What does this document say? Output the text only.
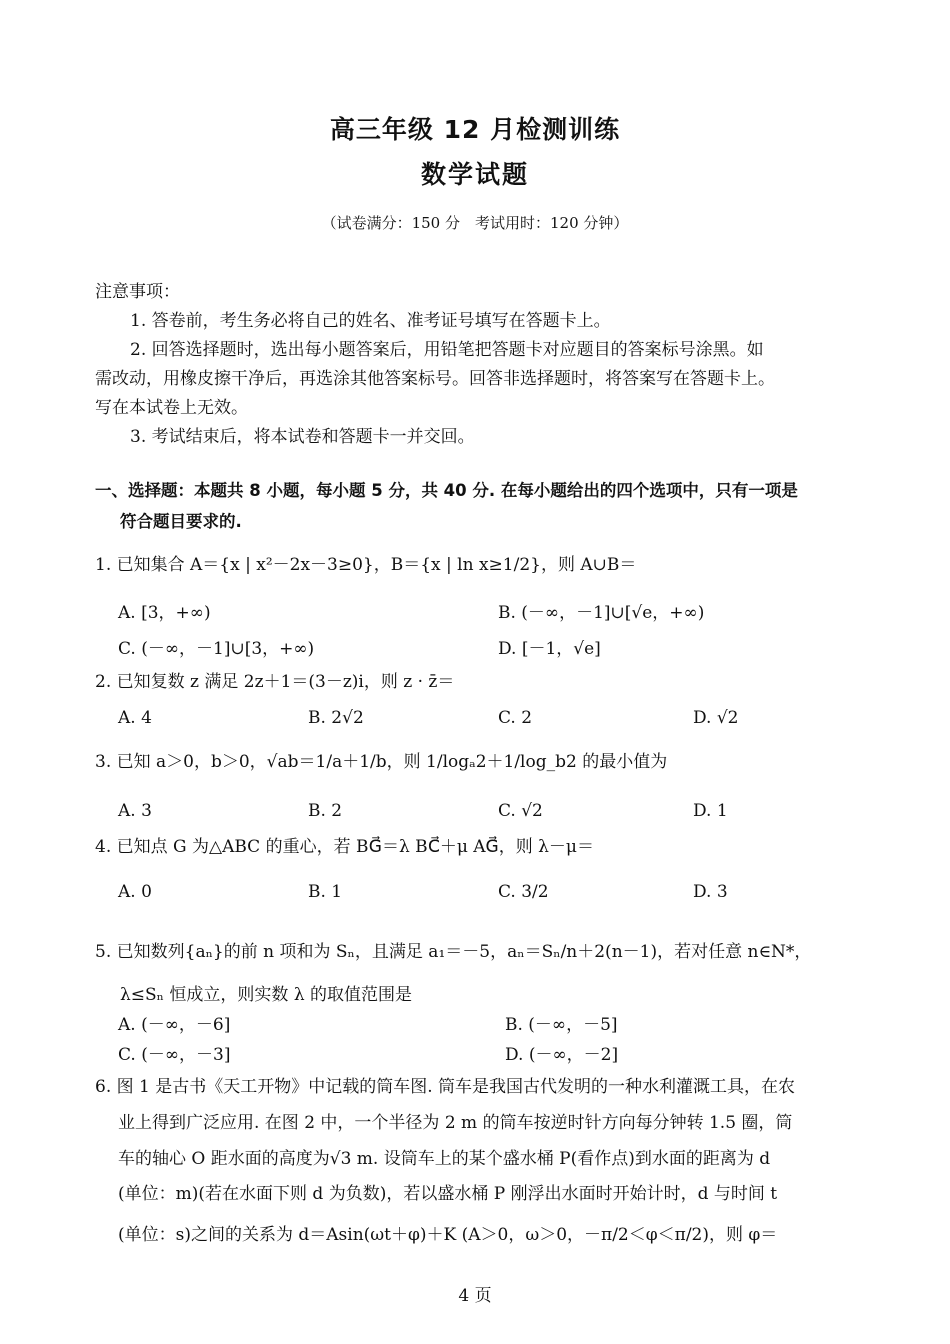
高三年级 12 月检测训练
数学试题
（试卷满分：150 分　考试用时：120 分钟）
注意事项：
1. 答卷前，考生务必将自己的姓名、准考证号填写在答题卡上。
2. 回答选择题时，选出每小题答案后，用铅笔把答题卡对应题目的答案标号涂黑。如
需改动，用橡皮擦干净后，再选涂其他答案标号。回答非选择题时，将答案写在答题卡上。
写在本试卷上无效。
3. 考试结束后，将本试卷和答题卡一并交回。
一、选择题：本题共 8 小题，每小题 5 分，共 40 分. 在每小题给出的四个选项中，只有一项是
符合题目要求的.
1. 已知集合 A＝{x | x²－2x－3≥0}，B＝{x | ln x≥1/2}，则 A∪B＝
A. [3，+∞)	B. (－∞，－1]∪[√e，+∞)
C. (－∞，－1]∪[3，+∞)	D. [－1，√e]
2. 已知复数 z 满足 2z＋1＝(3－z)i，则 z · z̄＝
A. 4	B. 2√2	C. 2	D. √2
3. 已知 a＞0，b＞0，√ab＝1/a＋1/b，则 1/logₐ2＋1/log_b2 的最小值为
A. 3	B. 2	C. √2	D. 1
4. 已知点 G 为△ABC 的重心，若 BG⃗＝λ BC⃗＋μ AG⃗，则 λ－μ＝
A. 0	B. 1	C. 3/2	D. 3
5. 已知数列{aₙ}的前 n 项和为 Sₙ，且满足 a₁＝－5，aₙ＝Sₙ/n＋2(n－1)，若对任意 n∈N*，
λ≤Sₙ 恒成立，则实数 λ 的取值范围是
A. (－∞，－6]	B. (－∞，－5]
C. (－∞，－3]	D. (－∞，－2]
6. 图 1 是古书《天工开物》中记载的筒车图. 筒车是我国古代发明的一种水利灌溉工具，在农
业上得到广泛应用. 在图 2 中，一个半径为 2 m 的筒车按逆时针方向每分钟转 1.5 圈，筒
车的轴心 O 距水面的高度为√3 m. 设筒车上的某个盛水桶 P(看作点)到水面的距离为 d
(单位：m)(若在水面下则 d 为负数)，若以盛水桶 P 刚浮出水面时开始计时，d 与时间 t
(单位：s)之间的关系为 d＝Asin(ωt＋φ)＋K (A＞0，ω＞0，－π/2＜φ＜π/2)，则 φ＝
4 页
